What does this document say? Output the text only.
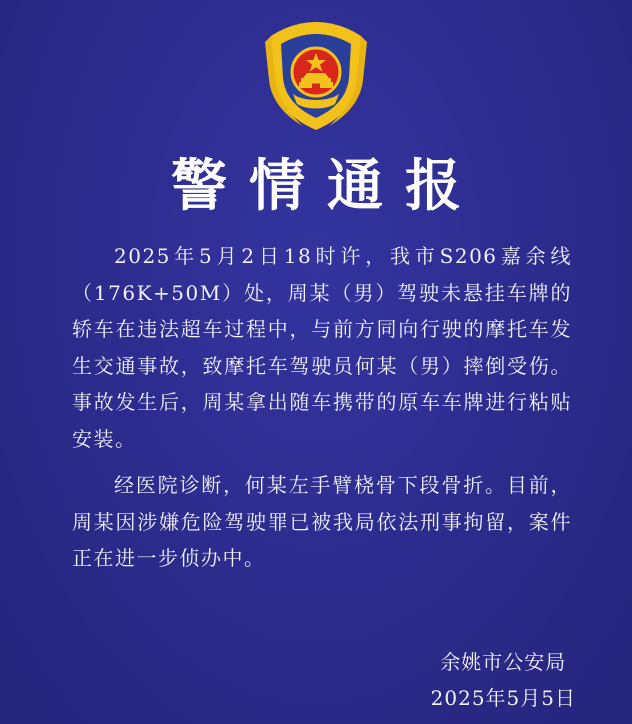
警情通报

2025年5月2日18时许，我市S206嘉余线（176K+50M）处，周某（男）驾驶未悬挂车牌的轿车在违法超车过程中，与前方同向行驶的摩托车发生交通事故，致摩托车驾驶员何某（男）摔倒受伤。事故发生后，周某拿出随车携带的原车车牌进行粘贴安装。

经医院诊断，何某左手臂桡骨下段骨折。目前，周某因涉嫌危险驾驶罪已被我局依法刑事拘留，案件正在进一步侦办中。

余姚市公安局
2025年5月5日
